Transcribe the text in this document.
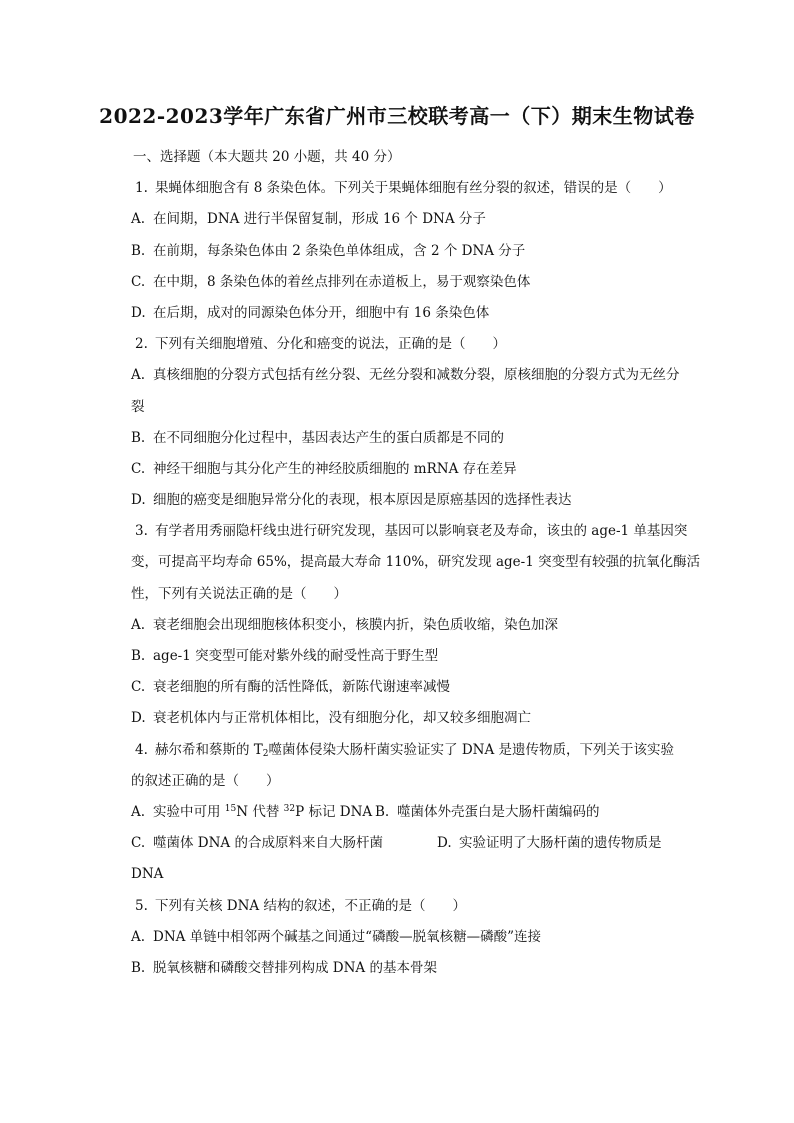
2022-2023学年广东省广州市三校联考高一（下）期末生物试卷
一、选择题（本大题共 20 小题，共 40 分）
1. 果蝇体细胞含有 8 条染色体。下列关于果蝇体细胞有丝分裂的叙述，错误的是（　　）
A. 在间期，DNA 进行半保留复制，形成 16 个 DNA 分子
B. 在前期，每条染色体由 2 条染色单体组成，含 2 个 DNA 分子
C. 在中期，8 条染色体的着丝点排列在赤道板上，易于观察染色体
D. 在后期，成对的同源染色体分开，细胞中有 16 条染色体
2. 下列有关细胞增殖、分化和癌变的说法，正确的是（　　）
A. 真核细胞的分裂方式包括有丝分裂、无丝分裂和减数分裂，原核细胞的分裂方式为无丝分
裂
B. 在不同细胞分化过程中，基因表达产生的蛋白质都是不同的
C. 神经干细胞与其分化产生的神经胶质细胞的 mRNA 存在差异
D. 细胞的癌变是细胞异常分化的表现，根本原因是原癌基因的选择性表达
3. 有学者用秀丽隐杆线虫进行研究发现，基因可以影响衰老及寿命，该虫的 age-1 单基因突
变，可提高平均寿命 65%，提高最大寿命 110%，研究发现 age-1 突变型有较强的抗氧化酶活
性，下列有关说法正确的是（　　）
A. 衰老细胞会出现细胞核体积变小，核膜内折，染色质收缩，染色加深
B. age-1 突变型可能对紫外线的耐受性高于野生型
C. 衰老细胞的所有酶的活性降低，新陈代谢速率减慢
D. 衰老机体内与正常机体相比，没有细胞分化，却又较多细胞凋亡
4. 赫尔希和蔡斯的 $T_2$噬菌体侵染大肠杆菌实验证实了 DNA 是遗传物质，下列关于该实验
的叙述正确的是（　　）
A. 实验中可用 $^{15}$N 代替 $^{32}$P 标记 DNA B. 噬菌体外壳蛋白是大肠杆菌编码的
C. 噬菌体 DNA 的合成原料来自大肠杆菌	D. 实验证明了大肠杆菌的遗传物质是
DNA
5. 下列有关核 DNA 结构的叙述，不正确的是（　　）
A. DNA 单链中相邻两个碱基之间通过“磷酸—脱氧核糖—磷酸”连接
B. 脱氧核糖和磷酸交替排列构成 DNA 的基本骨架
